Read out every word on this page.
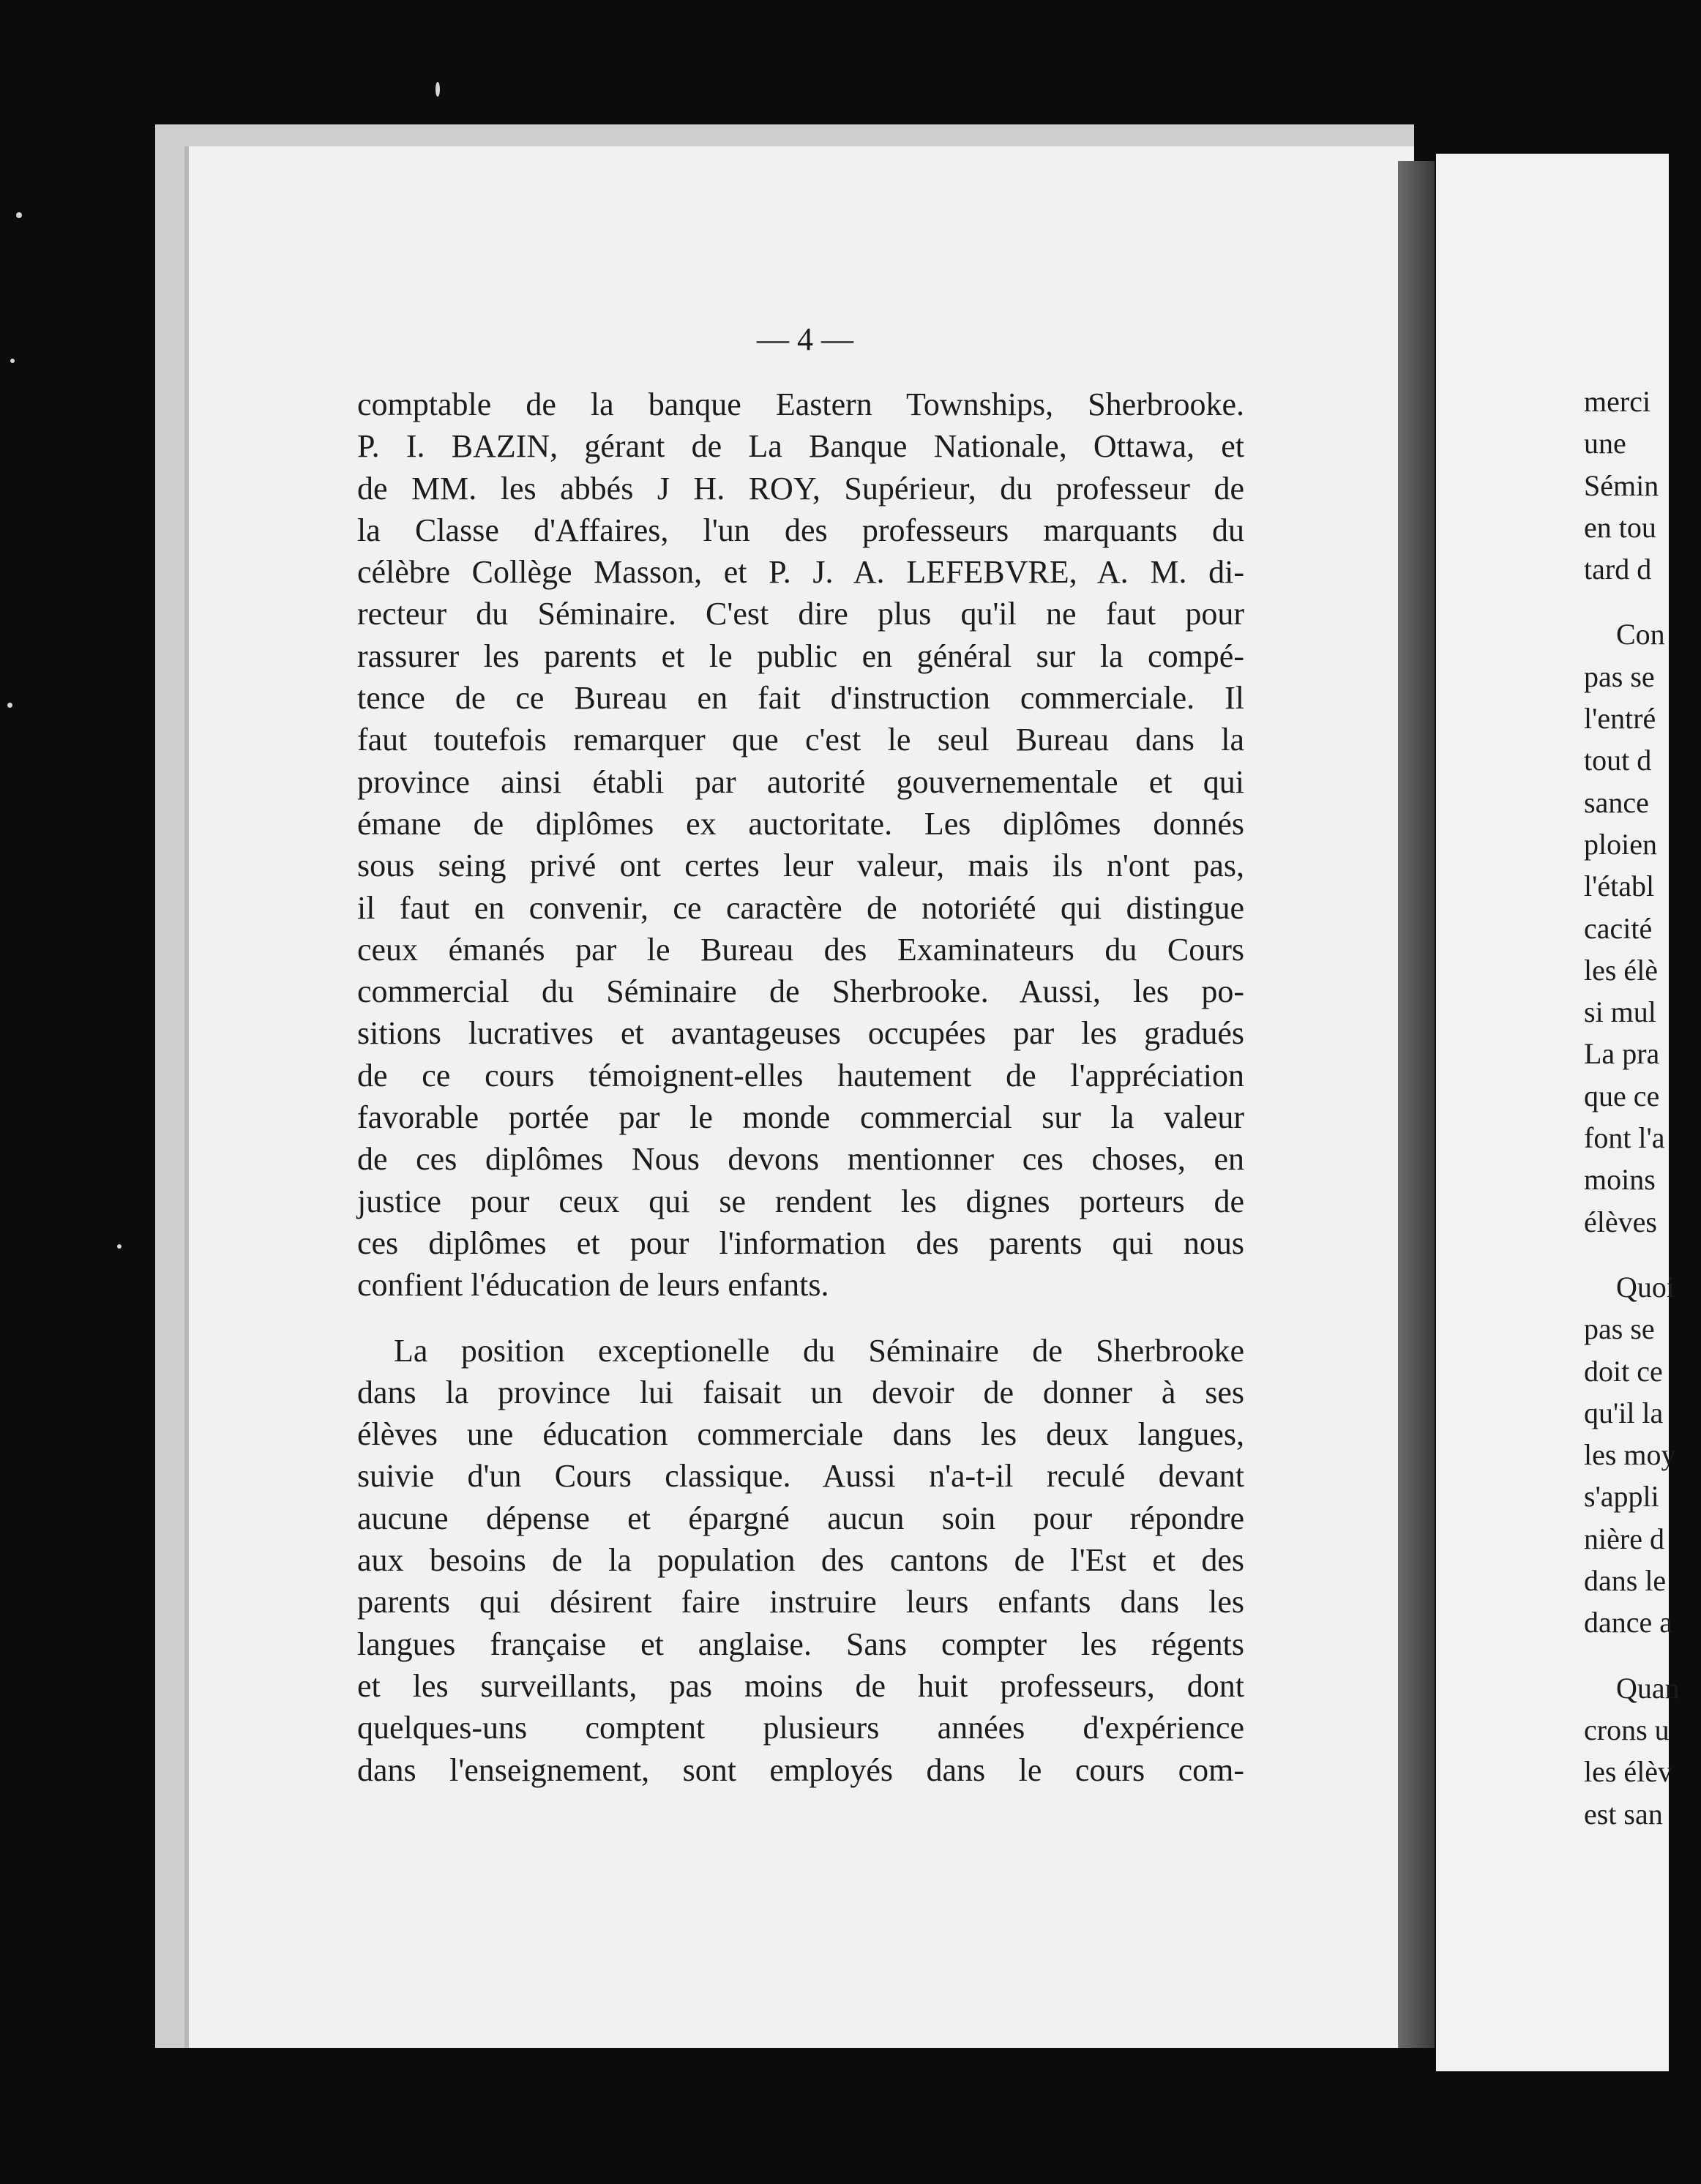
— 4 —
comptable de la banque Eastern Townships, Sherbrooke.
P. I. BAZIN, gérant de La Banque Nationale, Ottawa, et
de MM. les abbés J H. ROY, Supérieur, du professeur de
la Classe d'Affaires, l'un des professeurs marquants du
célèbre Collège Masson, et P. J. A. LEFEBVRE, A. M. di-
recteur du Séminaire. C'est dire plus qu'il ne faut pour
rassurer les parents et le public en général sur la compé-
tence de ce Bureau en fait d'instruction commerciale. Il
faut toutefois remarquer que c'est le seul Bureau dans la
province ainsi établi par autorité gouvernementale et qui
émane de diplômes ex auctoritate. Les diplômes donnés
sous seing privé ont certes leur valeur, mais ils n'ont pas,
il faut en convenir, ce caractère de notoriété qui distingue
ceux émanés par le Bureau des Examinateurs du Cours
commercial du Séminaire de Sherbrooke. Aussi, les po-
sitions lucratives et avantageuses occupées par les gradués
de ce cours témoignent-elles hautement de l'appréciation
favorable portée par le monde commercial sur la valeur
de ces diplômes Nous devons mentionner ces choses, en
justice pour ceux qui se rendent les dignes porteurs de
ces diplômes et pour l'information des parents qui nous
confient l'éducation de leurs enfants.
La position exceptionelle du Séminaire de Sherbrooke
dans la province lui faisait un devoir de donner à ses
élèves une éducation commerciale dans les deux langues,
suivie d'un Cours classique. Aussi n'a-t-il reculé devant
aucune dépense et épargné aucun soin pour répondre
aux besoins de la population des cantons de l'Est et des
parents qui désirent faire instruire leurs enfants dans les
langues française et anglaise. Sans compter les régents
et les surveillants, pas moins de huit professeurs, dont
quelques-uns comptent plusieurs années d'expérience
dans l'enseignement, sont employés dans le cours com-
merci
une
Sémin
en tou
tard d
Con
pas se
l'entré
tout d
sance
ploien
l'établ
cacité
les élè
si mul
La pra
que ce
font l'a
moins
élèves
Quoi
pas se
doit ce
qu'il la
les moy
s'appli
nière d
dans le
dance a
Quan
crons u
les élèv
est san
